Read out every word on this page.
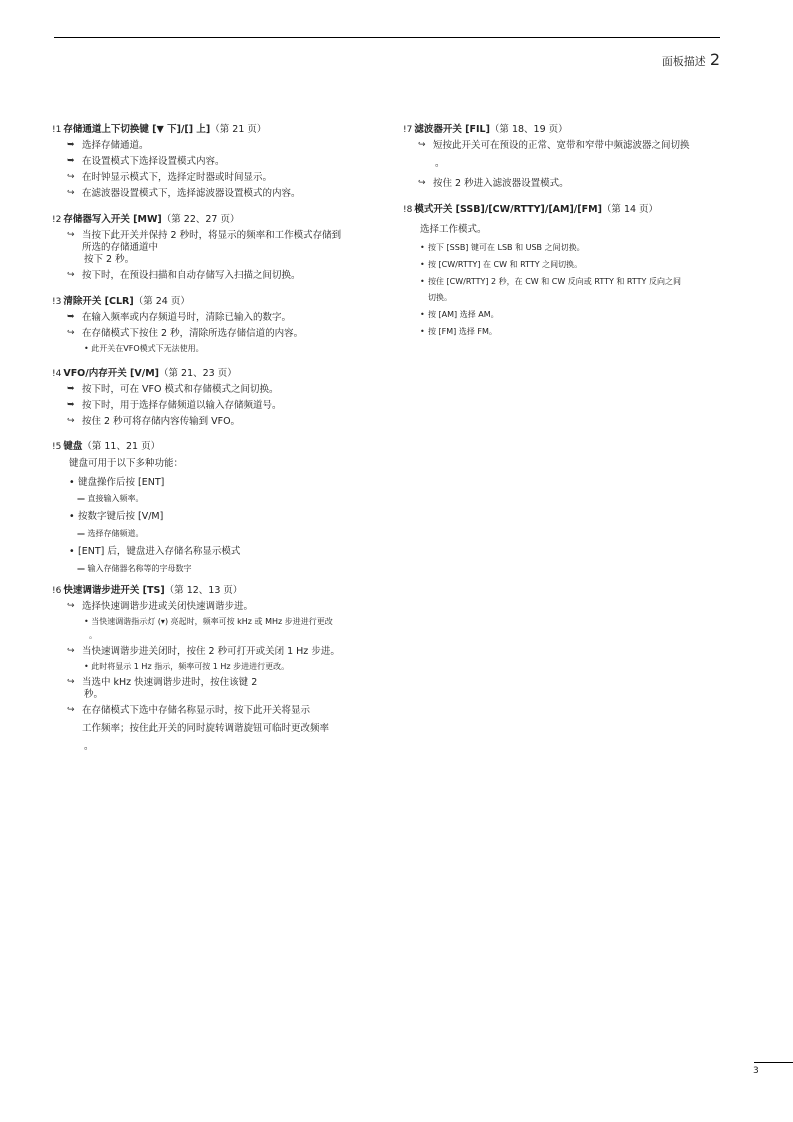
面板描述 2
!1 存储通道上下切换键 [▼ 下]/[] 上]（第 21 页）
➥ 选择存储通道。
➥ 在设置模式下选择设置模式内容。
↪ 在时钟显示模式下，选择定时器或时间显示。
↪ 在滤波器设置模式下，选择滤波器设置模式的内容。
!2 存储器写入开关 [MW]（第 22、27 页）
↪ 当按下此开关并保持 2 秒时，将显示的频率和工作模式存储到
所选的存储通道中
按下 2 秒。
↪ 按下时，在预设扫描和自动存储写入扫描之间切换。
!3 清除开关 [CLR]（第 24 页）
➥ 在输入频率或内存频道号时，清除已输入的数字。
↪ 在存储模式下按住 2 秒，清除所选存储信道的内容。
• 此开关在VFO模式下无法使用。
!4 VFO/内存开关 [V/M]（第 21、23 页）
➥ 按下时，可在 VFO 模式和存储模式之间切换。
➥ 按下时，用于选择存储频道以输入存储频道号。
↪ 按住 2 秒可将存储内容传输到 VFO。
!5 键盘（第 11、21 页）
键盘可用于以下多种功能：
• 键盘操作后按 [ENT]
— 直接输入频率。
• 按数字键后按 [V/M]
— 选择存储频道。
• [ENT] 后，键盘进入存储名称显示模式
— 输入存储器名称等的字母数字
!6 快速调谐步进开关 [TS]（第 12、13 页）
↪ 选择快速调谐步进或关闭快速调谐步进。
• 当快速调谐指示灯 (▾) 亮起时，频率可按 kHz 或 MHz 步进进行更改
。
↪ 当快速调谐步进关闭时，按住 2 秒可打开或关闭 1 Hz 步进。
• 此时将显示 1 Hz 指示，频率可按 1 Hz 步进进行更改。
↪ 当选中 kHz 快速调谐步进时，按住该键 2
秒。
↪ 在存储模式下选中存储名称显示时，按下此开关将显示
工作频率；按住此开关的同时旋转调谐旋钮可临时更改频率
。
!7 滤波器开关 [FIL]（第 18、19 页）
↪ 短按此开关可在预设的正常、宽带和窄带中频滤波器之间切换
。
↪ 按住 2 秒进入滤波器设置模式。
!8 模式开关 [SSB]/[CW/RTTY]/[AM]/[FM]（第 14 页）
选择工作模式。
• 按下 [SSB] 键可在 LSB 和 USB 之间切换。
• 按 [CW/RTTY] 在 CW 和 RTTY 之间切换。
• 按住 [CW/RTTY] 2 秒，在 CW 和 CW 反向或 RTTY 和 RTTY 反向之间
切换。
• 按 [AM] 选择 AM。
• 按 [FM] 选择 FM。
3
